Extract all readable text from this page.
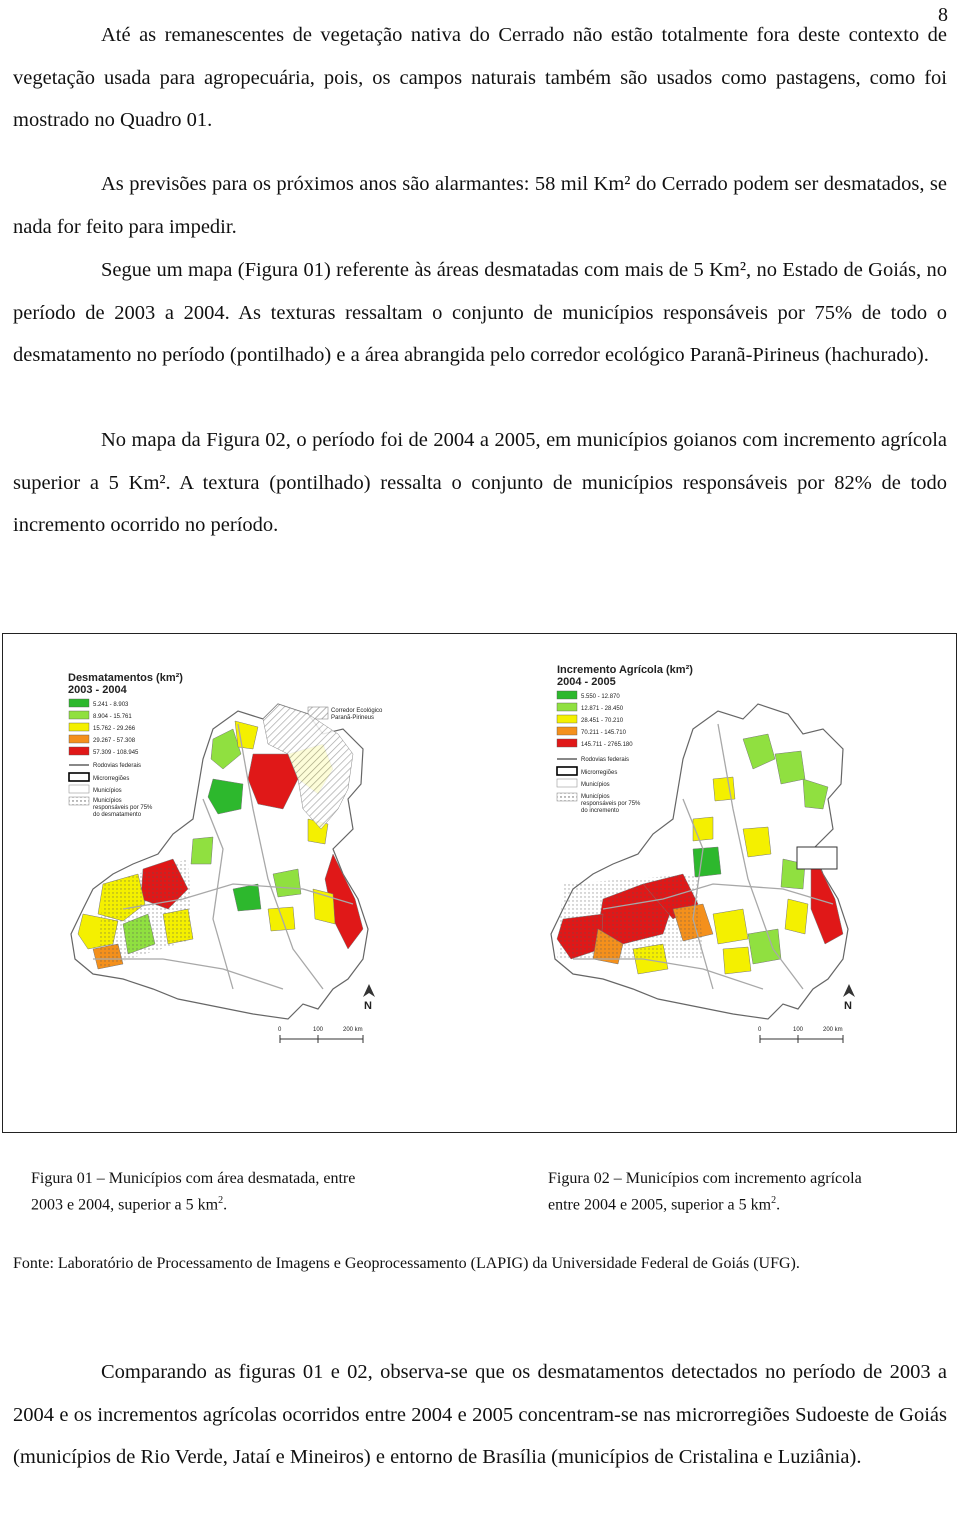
8

Até as remanescentes de vegetação nativa do Cerrado não estão totalmente fora deste contexto de vegetação usada para agropecuária, pois, os campos naturais também são usados como pastagens, como foi mostrado no Quadro 01.

As previsões para os próximos anos são alarmantes: 58 mil Km² do Cerrado podem ser desmatados, se nada for feito para impedir.

Segue um mapa (Figura 01) referente às áreas desmatadas com mais de 5 Km², no Estado de Goiás, no período de 2003 a 2004. As texturas ressaltam o conjunto de municípios responsáveis por 75% de todo o desmatamento no período (pontilhado) e a área abrangida pelo corredor ecológico Paranã-Pirineus (hachurado).

No mapa da Figura 02, o período foi de 2004 a 2005, em municípios goianos com incremento agrícola superior a 5 Km². A textura (pontilhado) ressalta o conjunto de municípios responsáveis por 82% de todo incremento ocorrido no período.

Desmatamentos (km²)
2003 - 2004
5.241 - 8.903
8.904 - 15.761
15.762 - 29.266
29.267 - 57.308
57.309 - 108.945
Rodovias federais
Microrregiões
Municípios
Municípios
responsáveis por 75%
do desmatamento
Corredor Ecológico
Paranã-Pirineus
N
0	100	200 km
Incremento Agrícola (km²)
2004 - 2005
5.550 - 12.870
12.871 - 28.450
28.451 - 70.210
70.211 - 145.710
145.711 - 2765.180
Rodovias federais
Microrregiões
Municípios
Municípios
responsáveis por 75%
do incremento
N
0	100	200 km

Figura 01 – Municípios com área desmatada, entre
2003 e 2004, superior a 5 $km^2$.

Figura 02 – Municípios com incremento agrícola
entre 2004 e 2005, superior a 5 $km^2$.

Fonte: Laboratório de Processamento de Imagens e Geoprocessamento (LAPIG) da Universidade Federal de Goiás (UFG).

Comparando as figuras 01 e 02, observa-se que os desmatamentos detectados no período de 2003 a 2004 e os incrementos agrícolas ocorridos entre 2004 e 2005 concentram-se nas microrregiões Sudoeste de Goiás (municípios de Rio Verde, Jataí e Mineiros) e entorno de Brasília (municípios de Cristalina e Luziânia).
